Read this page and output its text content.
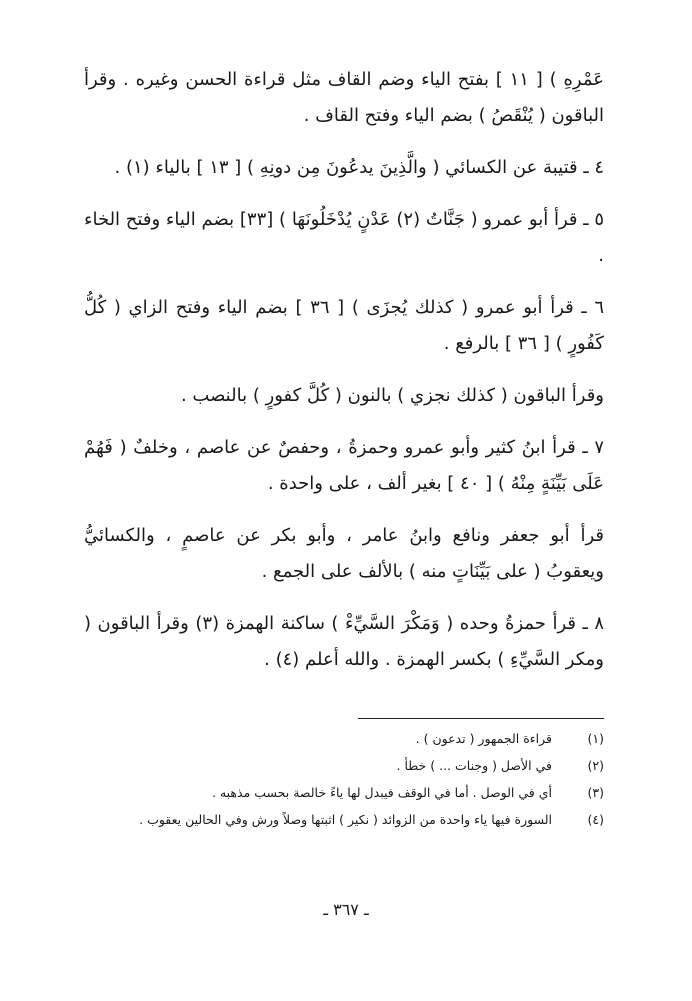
عَمْرِهِ ) [ ١١ ] بفتح الياء وضم القاف مثل قراءة الحسن وغيره . وقرأ الباقون ( يُنْقَصُ ) بضم الياء وفتح القاف .

٤ ـ قتيبة عن الكسائي ( والَّذِينَ يدعُونَ مِن دونِهِ ) [ ١٣ ] بالياء (١) .

٥ ـ قرأ أبو عمرو ( جَنَّاتُ (٢) عَدْنٍ يُدْخَلُونَهَا ) [٣٣] بضم الياء وفتح الخاء .

٦ ـ قرأ أبو عمرو ( كذلك يُجزَى ) [ ٣٦ ] بضم الياء وفتح الزاي ( كُلُّ كَفُورٍ ) [ ٣٦ ] بالرفع .

وقرأ الباقون ( كذلك نجزي ) بالنون ( كُلَّ كفورٍ ) بالنصب .

٧ ـ قرأ ابنُ كثير وأبو عمرو وحمزةُ ، وحفصٌ عن عاصم ، وخلفٌ ( فَهُمْ عَلَى بَيِّنَةٍ مِنْهُ ) [ ٤٠ ] بغير ألف ، على واحدة .

قرأ أبو جعفر ونافع وابنُ عامر ، وأبو بكر عن عاصمٍ ، والكسائيُّ ويعقوبُ ( على بَيِّنَاتٍ منه ) بالألف على الجمع .

٨ ـ قرأ حمزةُ وحده ( وَمَكْرَ السَّيِّءْ ) ساكنة الهمزة (٣) وقرأ الباقون ( ومكر السَّيِّءِ ) بكسر الهمزة . والله أعلم (٤) .

(١)
قراءة الجمهور ( تدعون ) .
(٢)
في الأصل ( وجنات ... ) خطأ .
(٣)
أي في الوصل . أما في الوقف فيبدل لها ياءً خالصة بحسب مذهبه .
(٤)
السورة فيها ياء واحدة من الزوائد ( نكير ) اثبتها وصلاً ورش وفي الحالين يعقوب .
ـ ٣٦٧ ـ
